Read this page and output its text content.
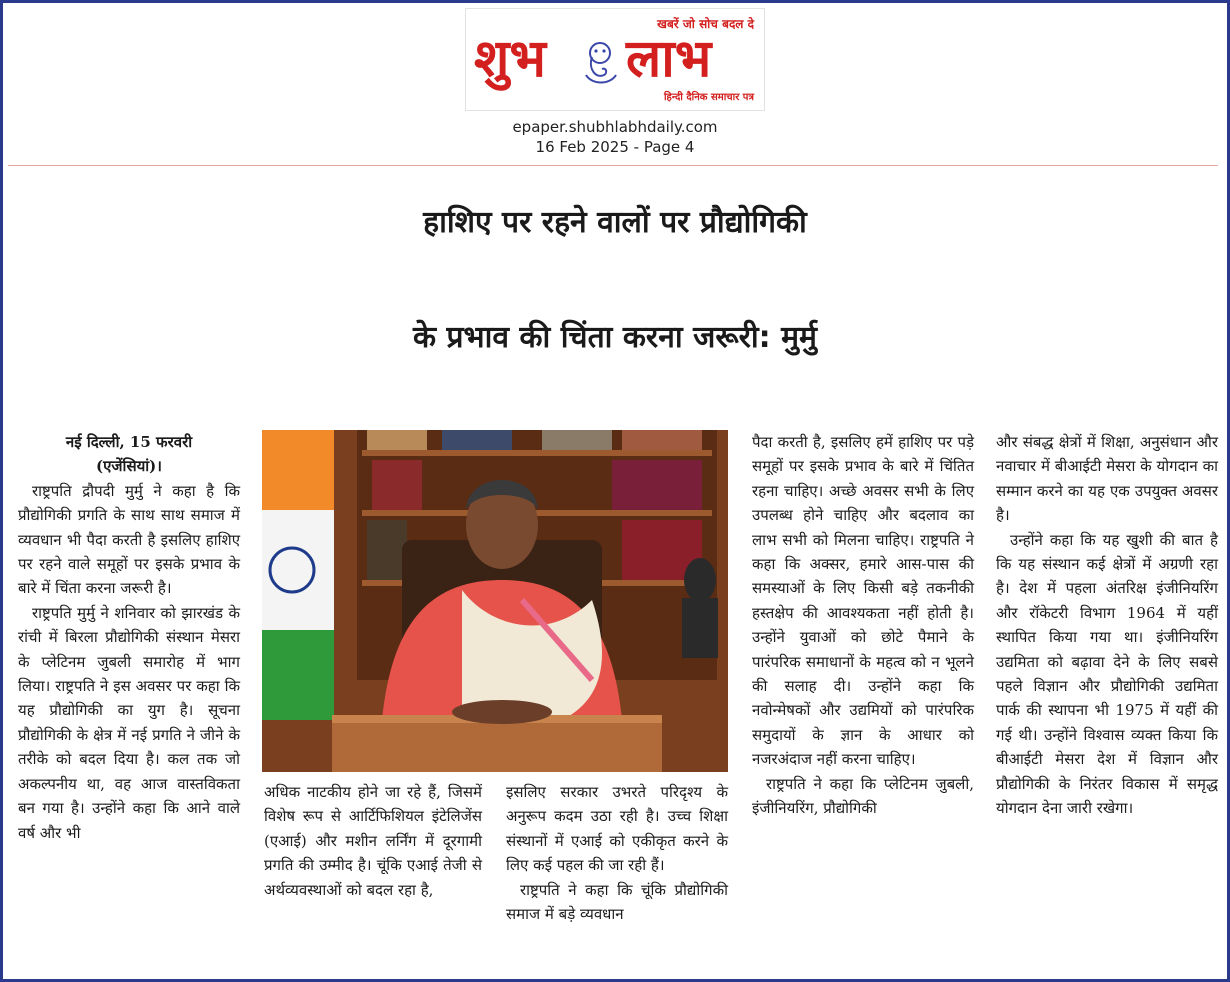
खबरें जो सोच बदल दे
शुभ लाभ
हिन्दी दैनिक समाचार पत्र
epaper.shubhlabhdaily.com
16 Feb 2025 - Page 4
हाशिए पर रहने वालों पर प्रौद्योगिकी
के प्रभाव की चिंता करना जरूरी: मुर्मु
नई दिल्ली, 15 फरवरी
(एजेंसियां)।

राष्ट्रपति द्रौपदी मुर्मु ने कहा है कि प्रौद्योगिकी प्रगति के साथ साथ समाज में व्यवधान भी पैदा करती है इसलिए हाशिए पर रहने वाले समूहों पर इसके प्रभाव के बारे में चिंता करना जरूरी है।

राष्ट्रपति मुर्मु ने शनिवार को झारखंड के रांची में बिरला प्रौद्योगिकी संस्थान मेसरा के प्लेटिनम जुबली समारोह में भाग लिया। राष्ट्रपति ने इस अवसर पर कहा कि यह प्रौद्योगिकी का युग है। सूचना प्रौद्योगिकी के क्षेत्र में नई प्रगति ने जीने के तरीके को बदल दिया है। कल तक जो अकल्पनीय था, वह आज वास्तविकता बन गया है। उन्होंने कहा कि आने वाले वर्ष और भी

अधिक नाटकीय होने जा रहे हैं, जिसमें विशेष रूप से आर्टिफिशियल इंटेलिजेंस (एआई) और मशीन लर्निंग में दूरगामी प्रगति की उम्मीद है। चूंकि एआई तेजी से अर्थव्यवस्थाओं को बदल रहा है,

इसलिए सरकार उभरते परिदृश्य के अनुरूप कदम उठा रही है। उच्च शिक्षा संस्थानों में एआई को एकीकृत करने के लिए कई पहल की जा रही हैं।

राष्ट्रपति ने कहा कि चूंकि प्रौद्योगिकी समाज में बड़े व्यवधान

पैदा करती है, इसलिए हमें हाशिए पर पड़े समूहों पर इसके प्रभाव के बारे में चिंतित रहना चाहिए। अच्छे अवसर सभी के लिए उपलब्ध होने चाहिए और बदलाव का लाभ सभी को मिलना चाहिए। राष्ट्रपति ने कहा कि अक्सर, हमारे आस-पास की समस्याओं के लिए किसी बड़े तकनीकी हस्तक्षेप की आवश्यकता नहीं होती है। उन्होंने युवाओं को छोटे पैमाने के पारंपरिक समाधानों के महत्व को न भूलने की सलाह दी। उन्होंने कहा कि नवोन्मेषकों और उद्यमियों को पारंपरिक समुदायों के ज्ञान के आधार को नजरअंदाज नहीं करना चाहिए।

राष्ट्रपति ने कहा कि प्लेटिनम जुबली, इंजीनियरिंग, प्रौद्योगिकी

और संबद्ध क्षेत्रों में शिक्षा, अनुसंधान और नवाचार में बीआईटी मेसरा के योगदान का सम्मान करने का यह एक उपयुक्त अवसर है।

उन्होंने कहा कि यह खुशी की बात है कि यह संस्थान कई क्षेत्रों में अग्रणी रहा है। देश में पहला अंतरिक्ष इंजीनियरिंग और रॉकेटरी विभाग 1964 में यहीं स्थापित किया गया था। इंजीनियरिंग उद्यमिता को बढ़ावा देने के लिए सबसे पहले विज्ञान और प्रौद्योगिकी उद्यमिता पार्क की स्थापना भी 1975 में यहीं की गई थी। उन्होंने विश्वास व्यक्त किया कि बीआईटी मेसरा देश में विज्ञान और प्रौद्योगिकी के निरंतर विकास में समृद्ध योगदान देना जारी रखेगा।
